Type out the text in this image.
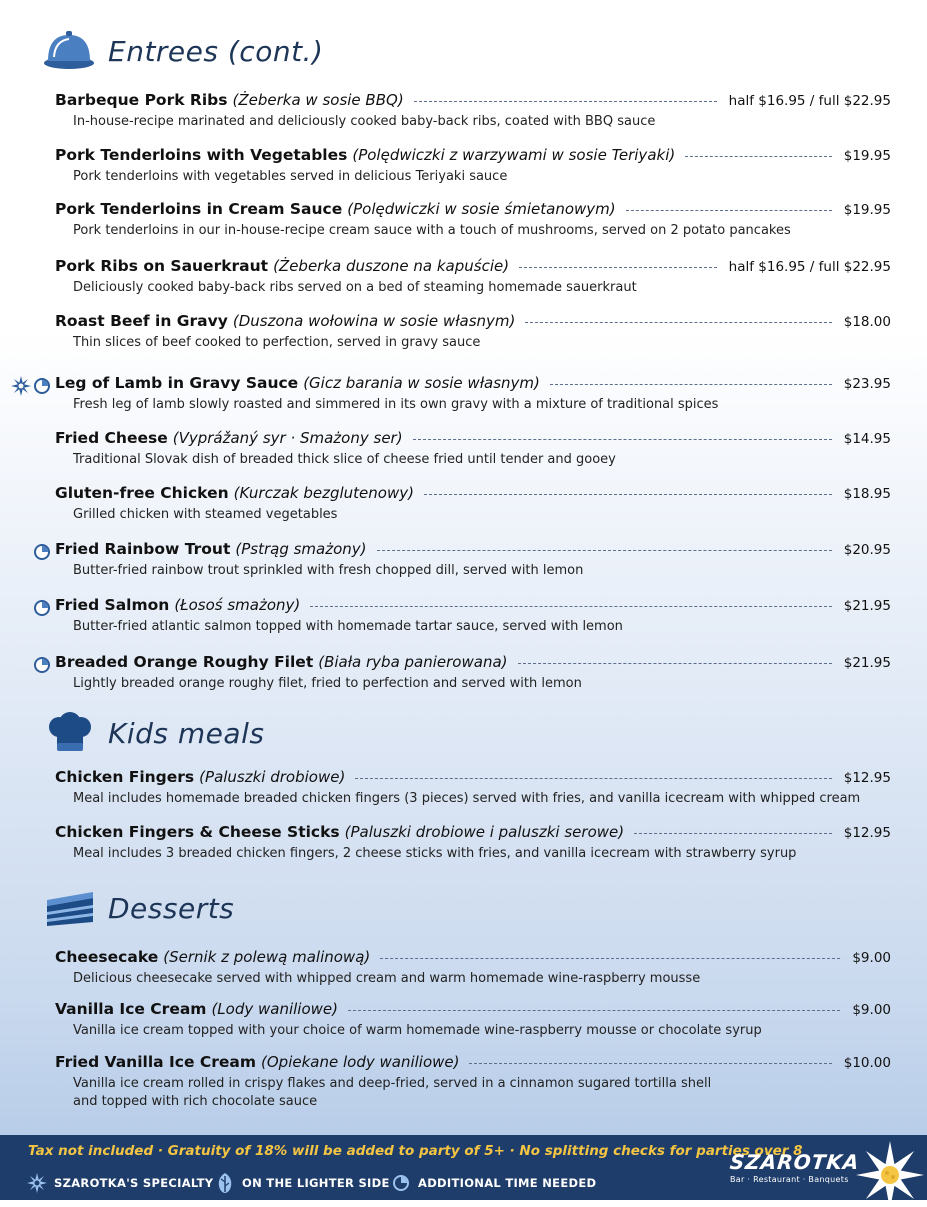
Entrees (cont.)
Kids meals
Desserts
Barbeque Pork Ribs (Żeberka w sosie BBQ)	half $16.95 / full $22.95
In-house-recipe marinated and deliciously cooked baby-back ribs, coated with BBQ sauce
Pork Tenderloins with Vegetables (Polędwiczki z warzywami w sosie Teriyaki)	$19.95
Pork tenderloins with vegetables served in delicious Teriyaki sauce
Pork Tenderloins in Cream Sauce (Polędwiczki w sosie śmietanowym)	$19.95
Pork tenderloins in our in-house-recipe cream sauce with a touch of mushrooms, served on 2 potato pancakes
Pork Ribs on Sauerkraut (Żeberka duszone na kapuście)	half $16.95 / full $22.95
Deliciously cooked baby-back ribs served on a bed of steaming homemade sauerkraut
Roast Beef in Gravy (Duszona wołowina w sosie własnym)	$18.00
Thin slices of beef cooked to perfection, served in gravy sauce
Leg of Lamb in Gravy Sauce (Gicz barania w sosie własnym)	$23.95
Fresh leg of lamb slowly roasted and simmered in its own gravy with a mixture of traditional spices
Fried Cheese (Vyprážaný syr · Smażony ser)	$14.95
Traditional Slovak dish of breaded thick slice of cheese fried until tender and gooey
Gluten-free Chicken (Kurczak bezglutenowy)	$18.95
Grilled chicken with steamed vegetables
Fried Rainbow Trout (Pstrąg smażony)	$20.95
Butter-fried rainbow trout sprinkled with fresh chopped dill, served with lemon
Fried Salmon (Łosoś smażony)	$21.95
Butter-fried atlantic salmon topped with homemade tartar sauce, served with lemon
Breaded Orange Roughy Filet (Biała ryba panierowana)	$21.95
Lightly breaded orange roughy filet, fried to perfection and served with lemon
Chicken Fingers (Paluszki drobiowe)	$12.95
Meal includes homemade breaded chicken fingers (3 pieces) served with fries, and vanilla icecream with whipped cream
Chicken Fingers & Cheese Sticks (Paluszki drobiowe i paluszki serowe)	$12.95
Meal includes 3 breaded chicken fingers, 2 cheese sticks with fries, and vanilla icecream with strawberry syrup
Cheesecake (Sernik z polewą malinową)	$9.00
Delicious cheesecake served with whipped cream and warm homemade wine-raspberry mousse
Vanilla Ice Cream (Lody waniliowe)	$9.00
Vanilla ice cream topped with your choice of warm homemade wine-raspberry mousse or chocolate syrup
Fried Vanilla Ice Cream (Opiekane lody waniliowe)	$10.00
Vanilla ice cream rolled in crispy flakes and deep-fried, served in a cinnamon sugared tortilla shell
and topped with rich chocolate sauce
Tax not included · Gratuity of 18% will be added to party of 5+ · No splitting checks for parties over 8
SZAROTKA'S SPECIALTY ON THE LIGHTER SIDE ADDITIONAL TIME NEEDED
SZAROTKA
Bar · Restaurant · Banquets
